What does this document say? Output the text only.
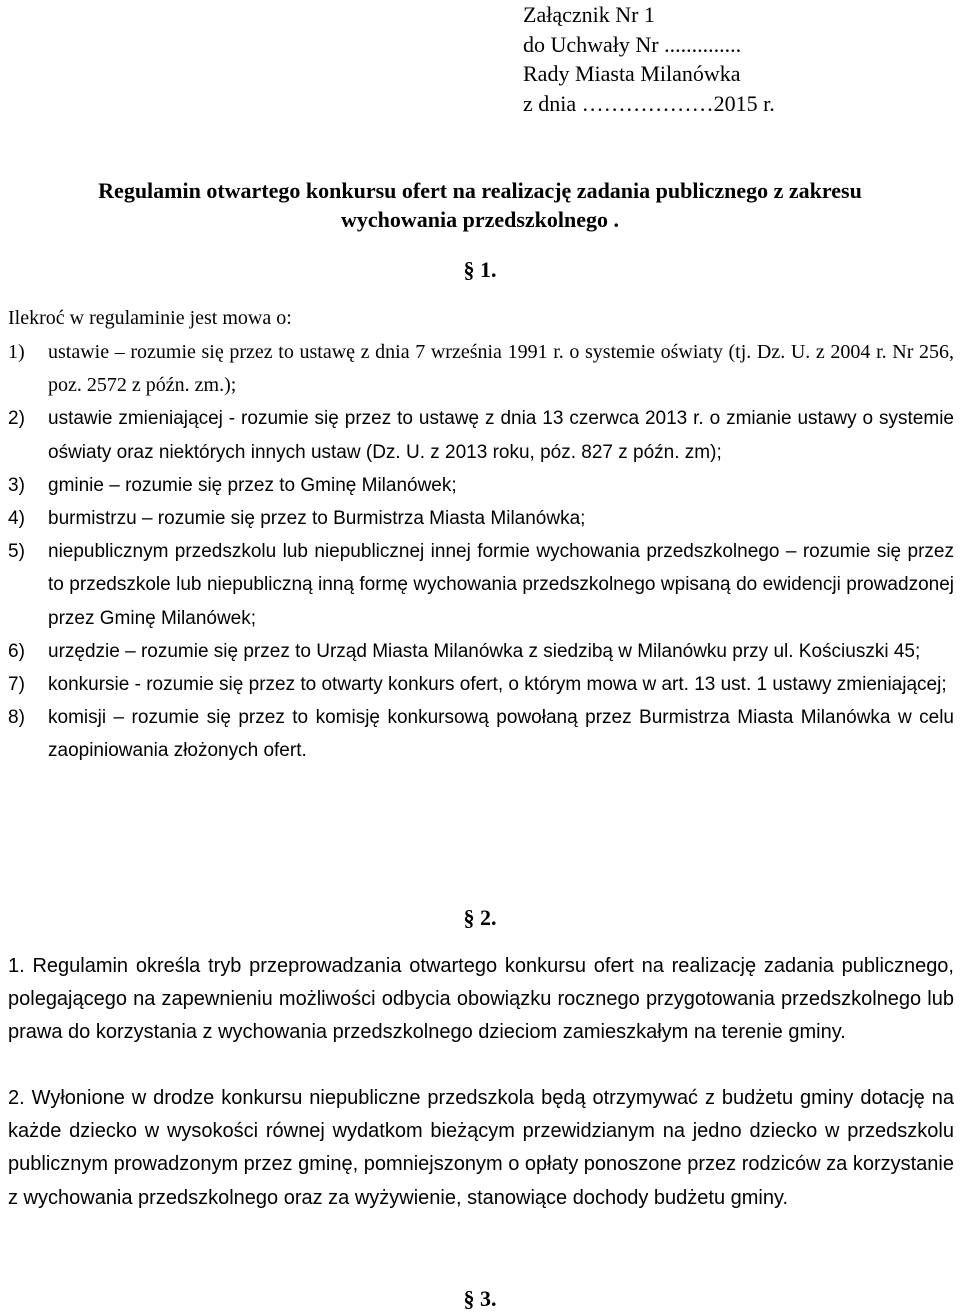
Załącznik Nr 1
do Uchwały Nr ..............
Rady Miasta Milanówka
z dnia ………………2015 r.
Regulamin otwartego konkursu ofert na realizację zadania publicznego z zakresu wychowania przedszkolnego .
§ 1.
Ilekroć w regulaminie jest mowa o:
1) ustawie – rozumie się przez to ustawę z dnia 7 września 1991 r. o systemie oświaty (tj. Dz. U. z 2004 r. Nr 256, poz. 2572 z późn. zm.);
2) ustawie zmieniającej - rozumie się przez to ustawę z dnia 13 czerwca 2013 r. o zmianie ustawy o systemie oświaty oraz niektórych innych ustaw (Dz. U. z 2013 roku, póz. 827 z późn. zm);
3) gminie – rozumie się przez to Gminę Milanówek;
4) burmistrzu – rozumie się przez to Burmistrza Miasta Milanówka;
5) niepublicznym przedszkolu lub niepublicznej innej formie wychowania przedszkolnego – rozumie się przez to przedszkole lub niepubliczną inną formę wychowania przedszkolnego wpisaną do ewidencji prowadzonej przez Gminę Milanówek;
6) urzędzie – rozumie się przez to Urząd Miasta Milanówka z siedzibą w Milanówku przy ul. Kościuszki 45;
7) konkursie - rozumie się przez to otwarty konkurs ofert, o którym mowa w art. 13 ust. 1 ustawy zmieniającej;
8) komisji – rozumie się przez to komisję konkursową powołaną przez Burmistrza Miasta Milanówka w celu zaopiniowania złożonych ofert.
§ 2.
1. Regulamin określa tryb przeprowadzania otwartego konkursu ofert na realizację zadania publicznego, polegającego na zapewnieniu możliwości odbycia obowiązku rocznego przygotowania przedszkolnego lub prawa do korzystania z wychowania przedszkolnego dzieciom zamieszkałym na terenie gminy.
2. Wyłonione w drodze konkursu niepubliczne przedszkola będą otrzymywać z budżetu gminy dotację na każde dziecko w wysokości równej wydatkom bieżącym przewidzianym na jedno dziecko w przedszkolu publicznym prowadzonym przez gminę, pomniejszonym o opłaty ponoszone przez rodziców za korzystanie z wychowania przedszkolnego oraz za wyżywienie, stanowiące dochody budżetu gminy.
§ 3.
